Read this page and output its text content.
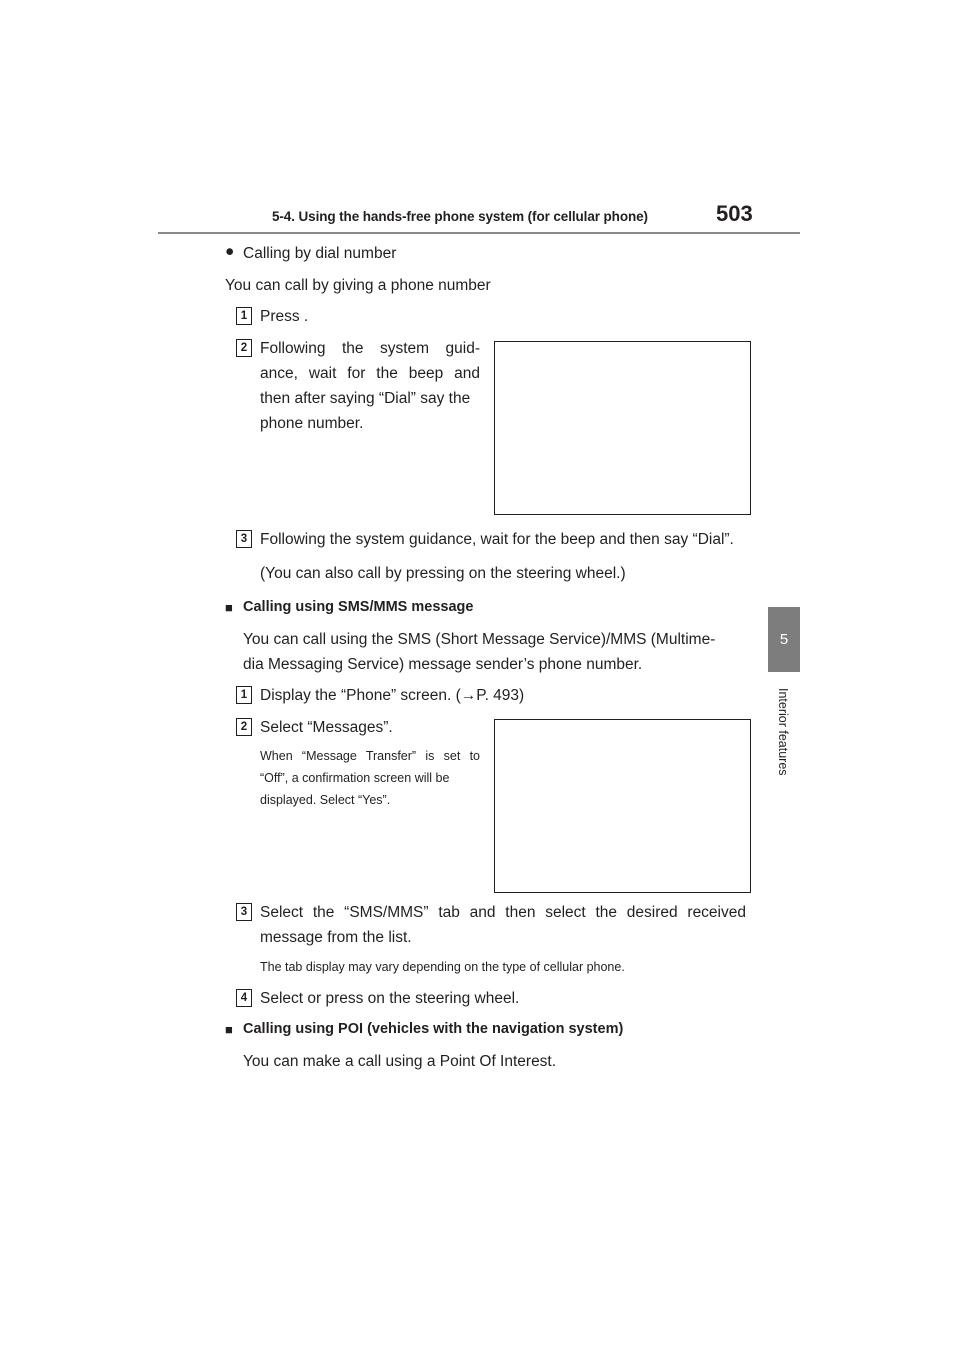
5-4. Using the hands-free phone system (for cellular phone)	503
5
Interior features
● Calling by dial number
You can call by giving a phone number
1 Press .
2 Following the system guid-
ance, wait for the beep and
then after saying “Dial” say the
phone number.
3 Following the system guidance, wait for the beep and then say “Dial”.
(You can also call by pressing on the steering wheel.)
■ Calling using SMS/MMS message
You can call using the SMS (Short Message Service)/MMS (Multime-
dia Messaging Service) message sender’s phone number.
1 Display the “Phone” screen. (→P. 493)
2 Select “Messages”.
When “Message Transfer” is set to
“Off”, a confirmation screen will be
displayed. Select “Yes”.
3 Select the “SMS/MMS” tab and then select the desired received
message from the list.
The tab display may vary depending on the type of cellular phone.
4 Select or press on the steering wheel.
■ Calling using POI (vehicles with the navigation system)
You can make a call using a Point Of Interest.
